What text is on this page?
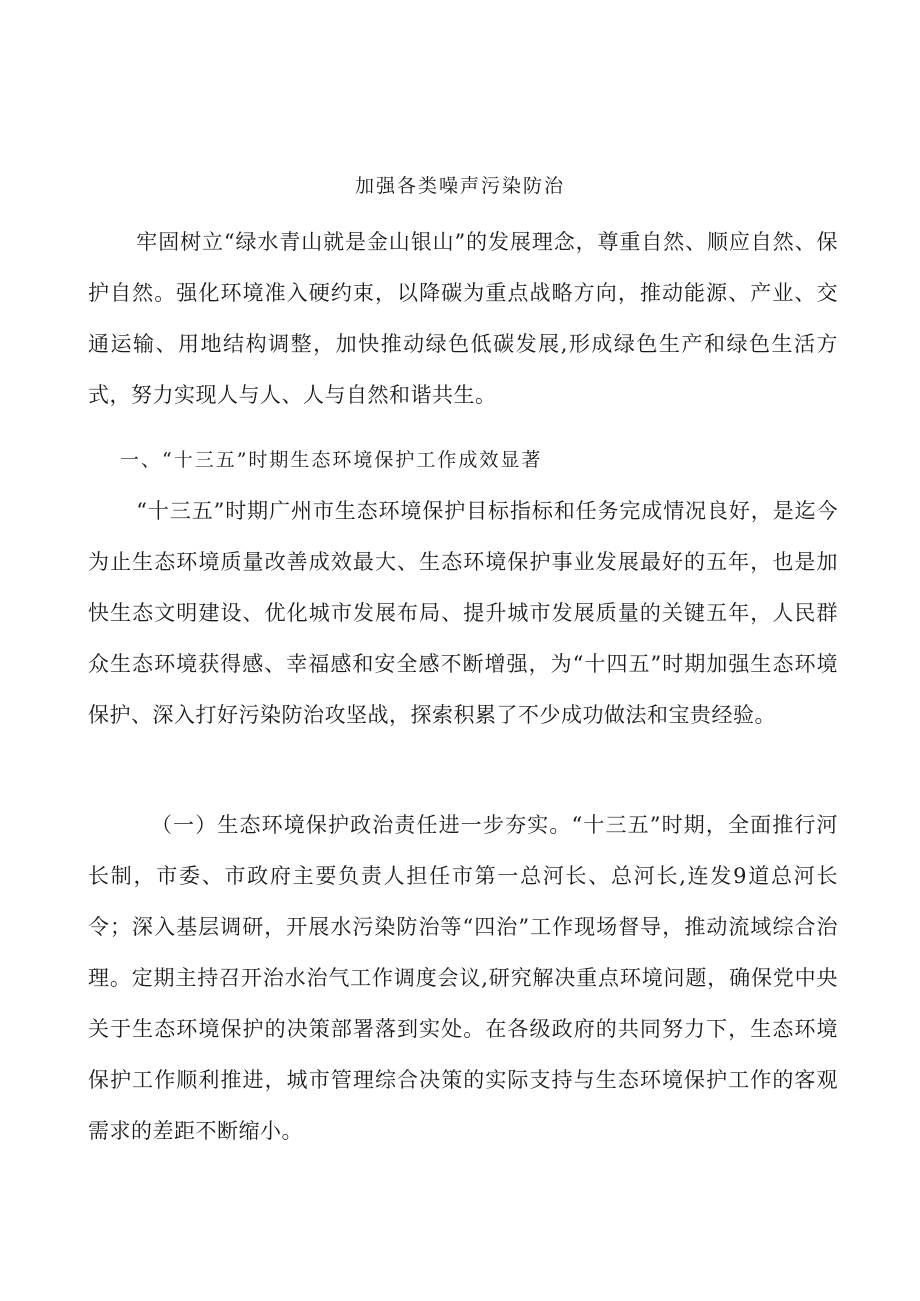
加强各类噪声污染防治

牢固树立“绿水青山就是金山银山”的发展理念，尊重自然、顺应自然、保护自然。强化环境准入硬约束，以降碳为重点战略方向，推动能源、产业、交通运输、用地结构调整，加快推动绿色低碳发展,形成绿色生产和绿色生活方式，努力实现人与人、人与自然和谐共生。

一、“十三五”时期生态环境保护工作成效显著

“十三五”时期广州市生态环境保护目标指标和任务完成情况良好，是迄今为止生态环境质量改善成效最大、生态环境保护事业发展最好的五年，也是加快生态文明建设、优化城市发展布局、提升城市发展质量的关键五年，人民群众生态环境获得感、幸福感和安全感不断增强，为“十四五”时期加强生态环境保护、深入打好污染防治攻坚战，探索积累了不少成功做法和宝贵经验。

（一）生态环境保护政治责任进一步夯实。“十三五”时期，全面推行河长制，市委、市政府主要负责人担任市第一总河长、总河长,连发9道总河长令；深入基层调研，开展水污染防治等“四治”工作现场督导，推动流域综合治理。定期主持召开治水治气工作调度会议,研究解决重点环境问题，确保党中央关于生态环境保护的决策部署落到实处。在各级政府的共同努力下，生态环境保护工作顺利推进，城市管理综合决策的实际支持与生态环境保护工作的客观需求的差距不断缩小。
